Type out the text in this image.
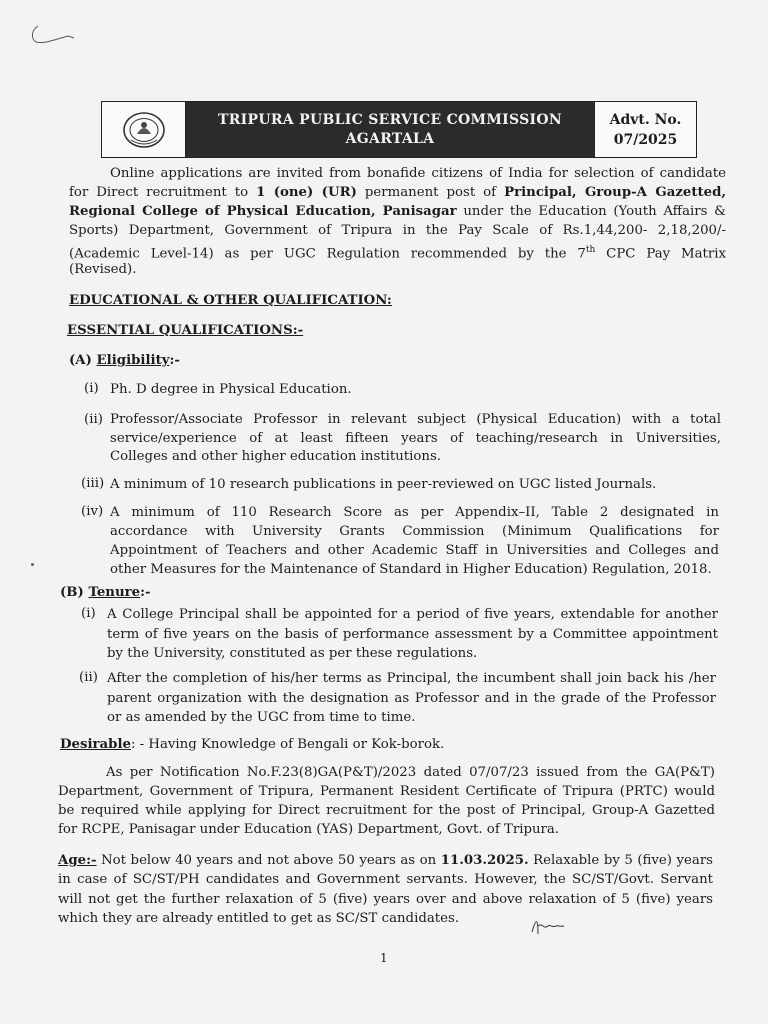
TRIPURA PUBLIC SERVICE COMMISSION
AGARTALA
Advt. No.
07/2025
Online applications are invited from bonafide citizens of India for selection of candidate
for Direct recruitment to 1 (one) (UR) permanent post of Principal, Group-A Gazetted,
Regional College of Physical Education, Panisagar under the Education (Youth Affairs &
Sports) Department, Government of Tripura in the Pay Scale of Rs.1,44,200- 2,18,200/-
(Academic Level-14) as per UGC Regulation recommended by the 7th CPC Pay Matrix
(Revised).
EDUCATIONAL & OTHER QUALIFICATION:
ESSENTIAL QUALIFICATIONS:-
(A) Eligibility:-
(i) Ph. D degree in Physical Education.
(ii) Professor/Associate Professor in relevant subject (Physical Education) with a total
service/experience of at least fifteen years of teaching/research in Universities,
Colleges and other higher education institutions.
(iii) A minimum of 10 research publications in peer-reviewed on UGC listed Journals.
(iv) A minimum of 110 Research Score as per Appendix–II, Table 2 designated in
accordance with University Grants Commission (Minimum Qualifications for
Appointment of Teachers and other Academic Staff in Universities and Colleges and
other Measures for the Maintenance of Standard in Higher Education) Regulation, 2018.
(B) Tenure:-
(i) A College Principal shall be appointed for a period of five years, extendable for another
term of five years on the basis of performance assessment by a Committee appointment
by the University, constituted as per these regulations.
(ii) After the completion of his/her terms as Principal, the incumbent shall join back his /her
parent organization with the designation as Professor and in the grade of the Professor
or as amended by the UGC from time to time.
Desirable: - Having Knowledge of Bengali or Kok-borok.
As per Notification No.F.23(8)GA(P&T)/2023 dated 07/07/23 issued from the GA(P&T)
Department, Government of Tripura, Permanent Resident Certificate of Tripura (PRTC) would
be required while applying for Direct recruitment for the post of Principal, Group-A Gazetted
for RCPE, Panisagar under Education (YAS) Department, Govt. of Tripura.
Age:- Not below 40 years and not above 50 years as on 11.03.2025. Relaxable by 5 (five) years
in case of SC/ST/PH candidates and Government servants. However, the SC/ST/Govt. Servant
will not get the further relaxation of 5 (five) years over and above relaxation of 5 (five) years
which they are already entitled to get as SC/ST candidates.
1
